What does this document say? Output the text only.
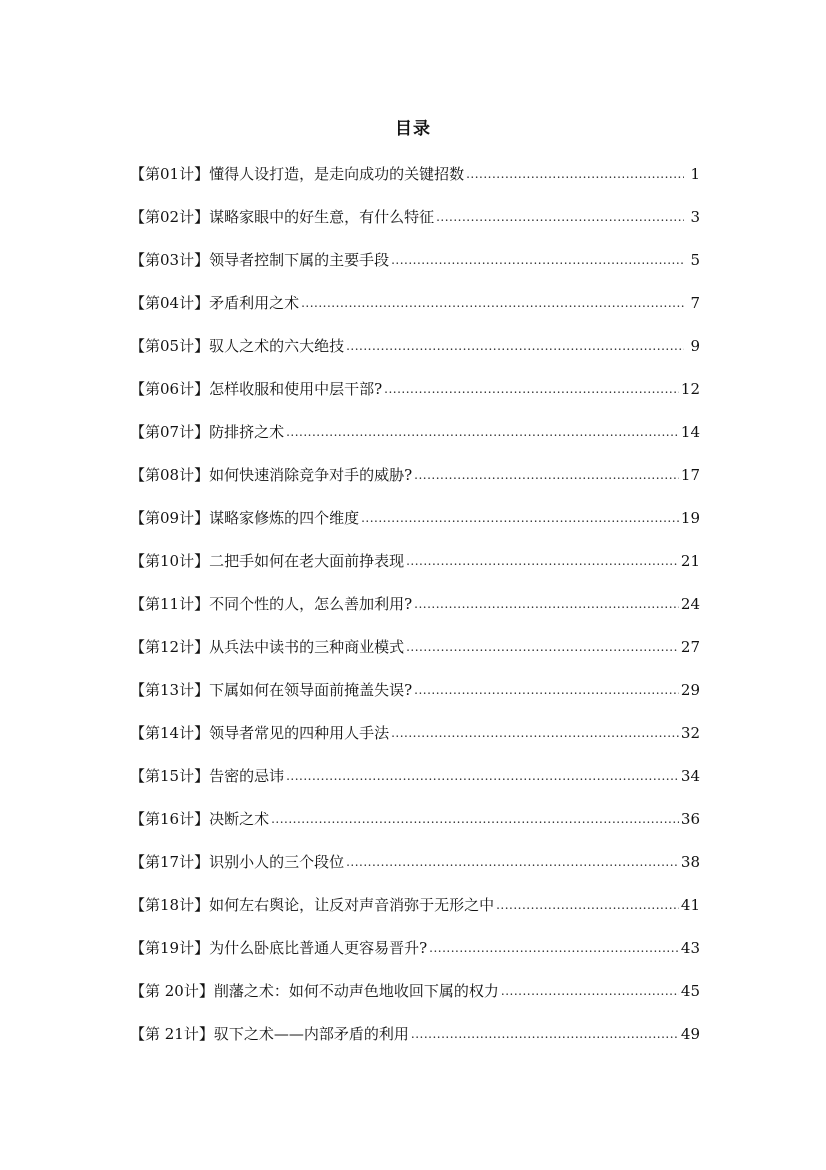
目录
【第01计】 懂得人设打造，是走向成功的关键招数 .....	1
【第02计】 谋略家眼中的好生意，有什么特征 .....	3
【第03计】 领导者控制下属的主要手段 .....	5
【第04计】 矛盾利用之术 .....	7
【第05计】 驭人之术的六大绝技 .....	9
【第06计】 怎样收服和使用中层干部? .....	12
【第07计】 防排挤之术 .....	14
【第08计】 如何快速消除竞争对手的威胁? .....	17
【第09计】 谋略家修炼的四个维度 .....	19
【第10计】 二把手如何在老大面前挣表现 .....	21
【第11计】 不同个性的人，怎么善加利用? .....	24
【第12计】 从兵法中读书的三种商业模式 .....	27
【第13计】 下属如何在领导面前掩盖失误? .....	29
【第14计】 领导者常见的四种用人手法 .....	32
【第15计】 告密的忌讳 .....	34
【第16计】 决断之术 .....	36
【第17计】 识别小人的三个段位 .....	38
【第18计】 如何左右舆论，让反对声音消弥于无形之中 .....	41
【第19计】 为什么卧底比普通人更容易晋升? .....	43
【第 20计】 削藩之术：如何不动声色地收回下属的权力 .....	45
【第 21计】 驭下之术——内部矛盾的利用 .....	49
